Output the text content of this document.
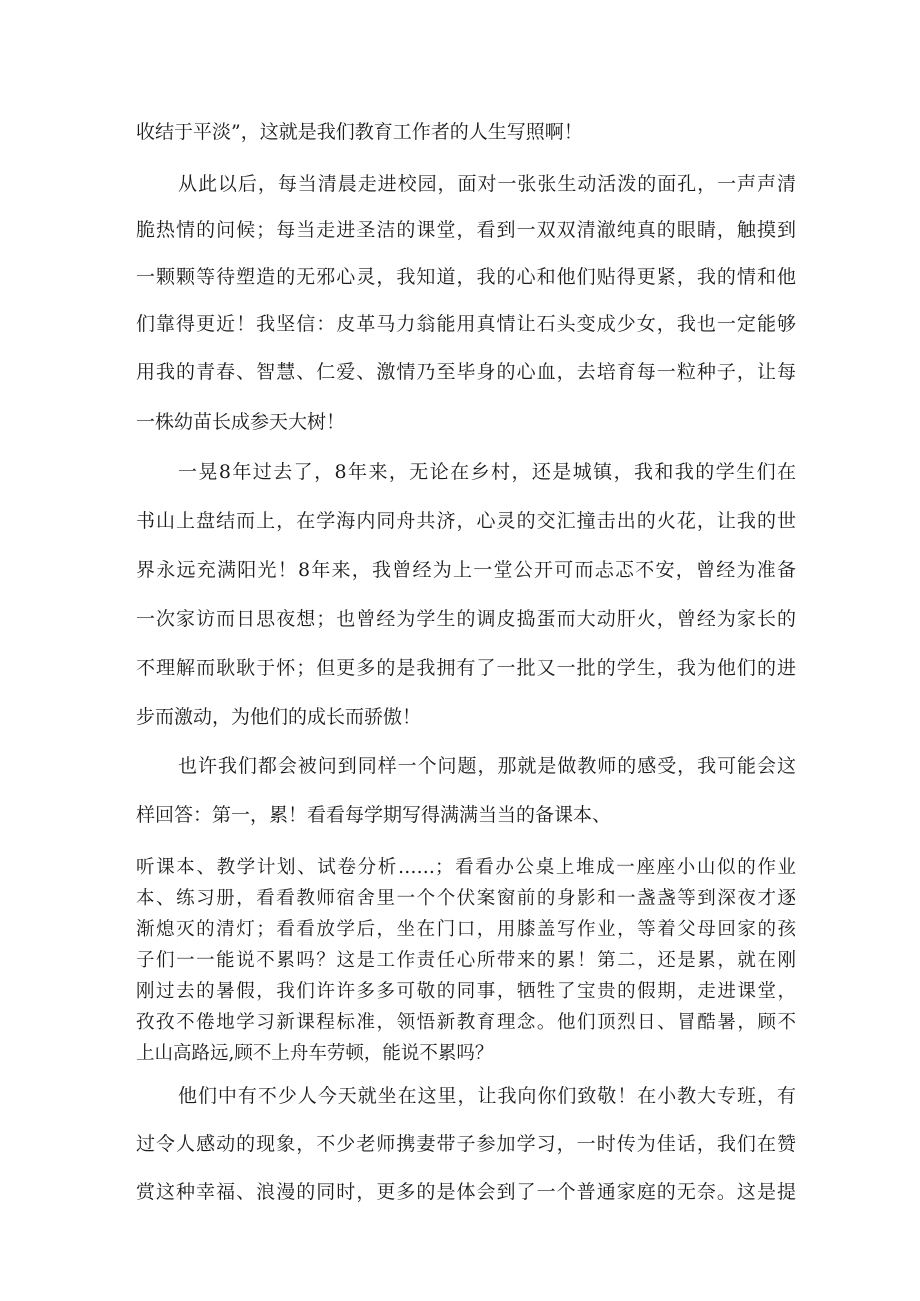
收结于平淡”，这就是我们教育工作者的人生写照啊！
从此以后，每当清晨走进校园，面对一张张生动活泼的面孔，一声声清
脆热情的问候；每当走进圣洁的课堂，看到一双双清澈纯真的眼睛，触摸到
一颗颗等待塑造的无邪心灵，我知道，我的心和他们贴得更紧，我的情和他
们靠得更近！我坚信：皮革马力翁能用真情让石头变成少女，我也一定能够
用我的青春、智慧、仁爱、激情乃至毕身的心血，去培育每一粒种子，让每
一株幼苗长成参天大树！
一晃8年过去了，8年来，无论在乡村，还是城镇，我和我的学生们在
书山上盘结而上，在学海内同舟共济，心灵的交汇撞击出的火花，让我的世
界永远充满阳光！8年来，我曾经为上一堂公开可而忐忑不安，曾经为准备
一次家访而日思夜想；也曾经为学生的调皮捣蛋而大动肝火，曾经为家长的
不理解而耿耿于怀；但更多的是我拥有了一批又一批的学生，我为他们的进
步而激动，为他们的成长而骄傲！
也许我们都会被问到同样一个问题，那就是做教师的感受，我可能会这
样回答：第一，累！看看每学期写得满满当当的备课本、
听课本、教学计划、试卷分析……；看看办公桌上堆成一座座小山似的作业
本、练习册，看看教师宿舍里一个个伏案窗前的身影和一盏盏等到深夜才逐
渐熄灭的清灯；看看放学后，坐在门口，用膝盖写作业，等着父母回家的孩
子们一一能说不累吗？这是工作责任心所带来的累！第二，还是累，就在刚
刚过去的暑假，我们许许多多可敬的同事，牺牲了宝贵的假期，走进课堂，
孜孜不倦地学习新课程标准，领悟新教育理念。他们顶烈日、冒酷暑，顾不
上山高路远,顾不上舟车劳顿，能说不累吗？
他们中有不少人今天就坐在这里，让我向你们致敬！在小教大专班，有
过令人感动的现象，不少老师携妻带子参加学习，一时传为佳话，我们在赞
赏这种幸福、浪漫的同时，更多的是体会到了一个普通家庭的无奈。这是提
